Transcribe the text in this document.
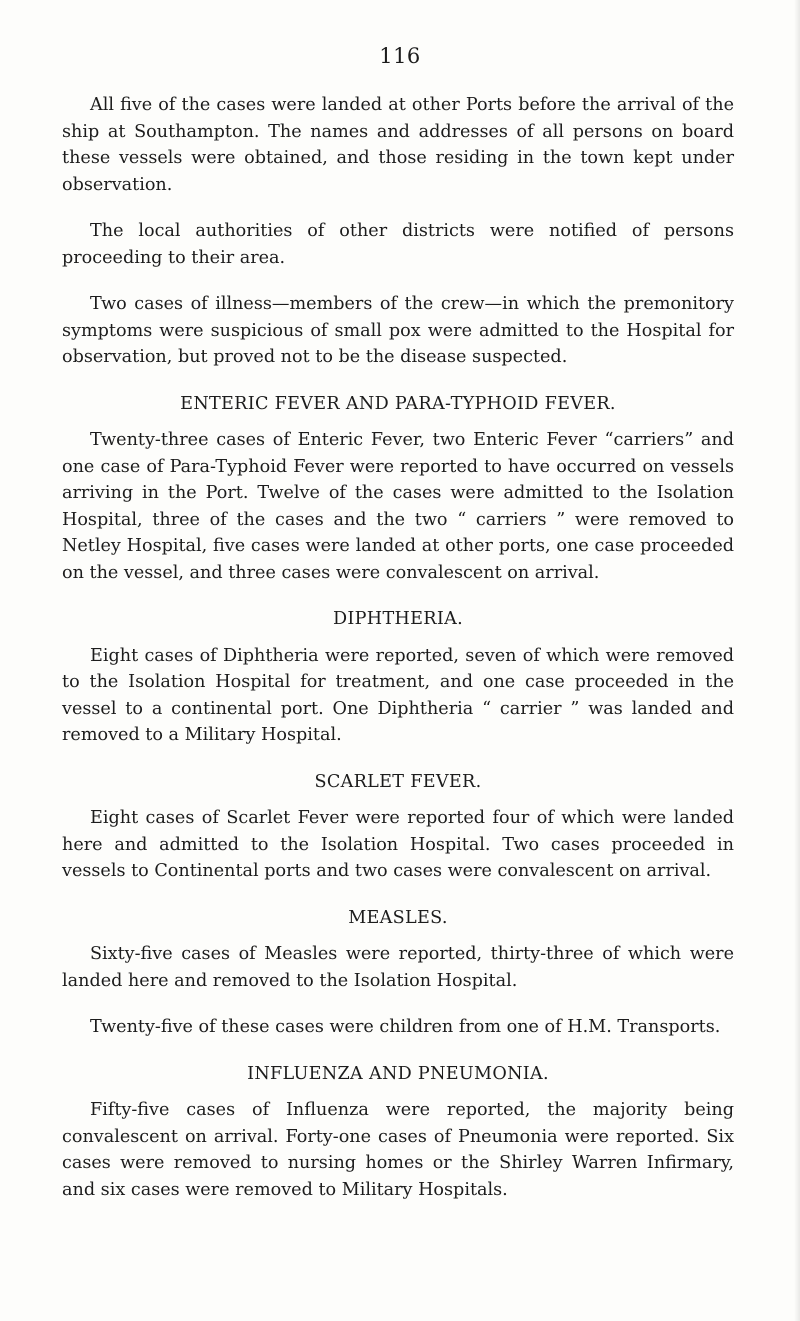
116

All five of the cases were landed at other Ports before the arrival of the ship at Southampton. The names and addresses of all persons on board these vessels were obtained, and those residing in the town kept under observation.

The local authorities of other districts were notified of persons proceeding to their area.

Two cases of illness—members of the crew—in which the premonitory symptoms were suspicious of small pox were admitted to the Hospital for observation, but proved not to be the disease suspected.

ENTERIC FEVER AND PARA-TYPHOID FEVER.

Twenty-three cases of Enteric Fever, two Enteric Fever “carriers” and one case of Para-Typhoid Fever were reported to have occurred on vessels arriving in the Port. Twelve of the cases were admitted to the Isolation Hospital, three of the cases and the two “ carriers ” were removed to Netley Hospital, five cases were landed at other ports, one case proceeded on the vessel, and three cases were convalescent on arrival.

DIPHTHERIA.

Eight cases of Diphtheria were reported, seven of which were removed to the Isolation Hospital for treatment, and one case proceeded in the vessel to a continental port. One Diphtheria “ carrier ” was landed and removed to a Military Hospital.

SCARLET FEVER.

Eight cases of Scarlet Fever were reported four of which were landed here and admitted to the Isolation Hospital. Two cases proceeded in vessels to Continental ports and two cases were convalescent on arrival.

MEASLES.

Sixty-five cases of Measles were reported, thirty-three of which were landed here and removed to the Isolation Hospital.

Twenty-five of these cases were children from one of H.M. Transports.

INFLUENZA AND PNEUMONIA.

Fifty-five cases of Influenza were reported, the majority being convalescent on arrival. Forty-one cases of Pneumonia were reported. Six cases were removed to nursing homes or the Shirley Warren Infirmary, and six cases were removed to Military Hospitals.
